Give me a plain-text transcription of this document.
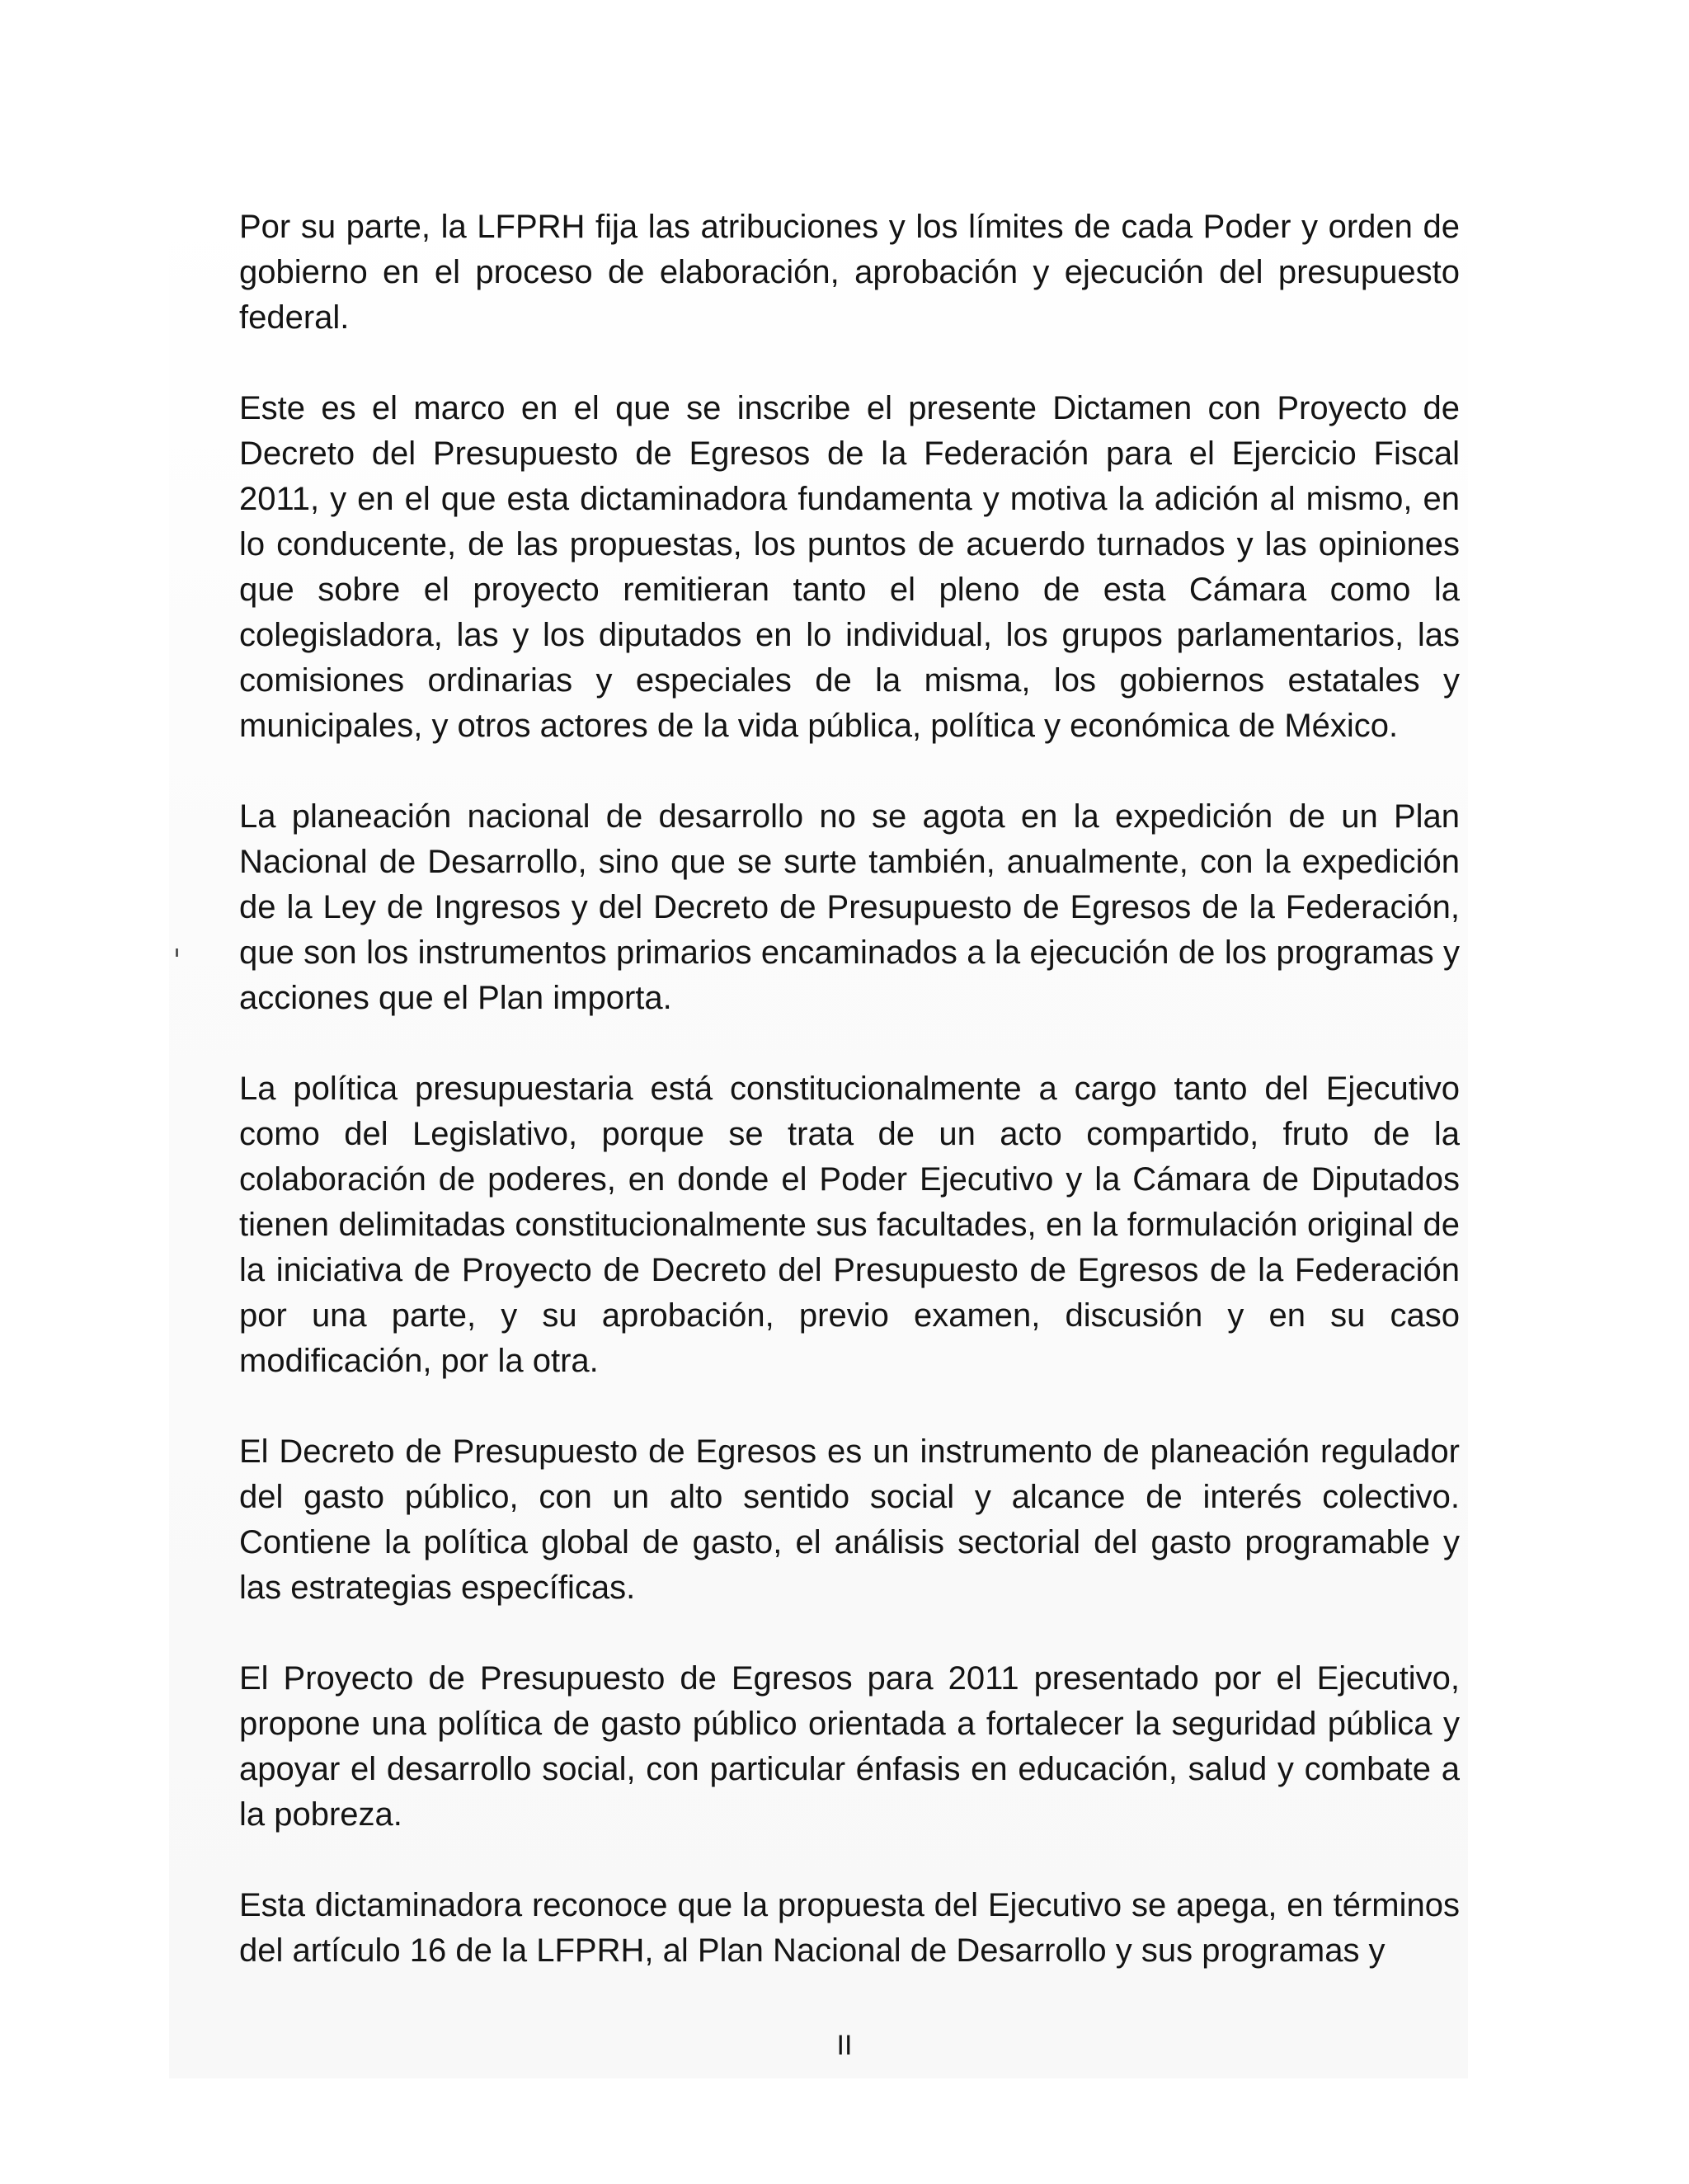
Por su parte, la LFPRH fija las atribuciones y los límites de cada Poder y orden de gobierno en el proceso de elaboración, aprobación y ejecución del presupuesto federal.

Este es el marco en el que se inscribe el presente Dictamen con Proyecto de Decreto del Presupuesto de Egresos de la Federación para el Ejercicio Fiscal 2011, y en el que esta dictaminadora fundamenta y motiva la adición al mismo, en lo conducente, de las propuestas, los puntos de acuerdo turnados y las opiniones que sobre el proyecto remitieran tanto el pleno de esta Cámara como la colegisladora, las y los diputados en lo individual, los grupos parlamentarios, las comisiones ordinarias y especiales de la misma, los gobiernos estatales y municipales, y otros actores de la vida pública, política y económica de México.

La planeación nacional de desarrollo no se agota en la expedición de un Plan Nacional de Desarrollo, sino que se surte también, anualmente, con la expedición de la Ley de Ingresos y del Decreto de Presupuesto de Egresos de la Federación, que son los instrumentos primarios encaminados a la ejecución de los programas y acciones que el Plan importa.

La política presupuestaria está constitucionalmente a cargo tanto del Ejecutivo como del Legislativo, porque se trata de un acto compartido, fruto de la colaboración de poderes, en donde el Poder Ejecutivo y la Cámara de Diputados tienen delimitadas constitucionalmente sus facultades, en la formulación original de la iniciativa de Proyecto de Decreto del Presupuesto de Egresos de la Federación por una parte, y su aprobación, previo examen, discusión y en su caso modificación, por la otra.

El Decreto de Presupuesto de Egresos es un instrumento de planeación regulador del gasto público, con un alto sentido social y alcance de interés colectivo. Contiene la política global de gasto, el análisis sectorial del gasto programable y las estrategias específicas.

El Proyecto de Presupuesto de Egresos para 2011 presentado por el Ejecutivo, propone una política de gasto público orientada a fortalecer la seguridad pública y apoyar el desarrollo social, con particular énfasis en educación, salud y combate a la pobreza.

Esta dictaminadora reconoce que la propuesta del Ejecutivo se apega, en términos del artículo 16 de la LFPRH, al Plan Nacional de Desarrollo y sus programas y

II
